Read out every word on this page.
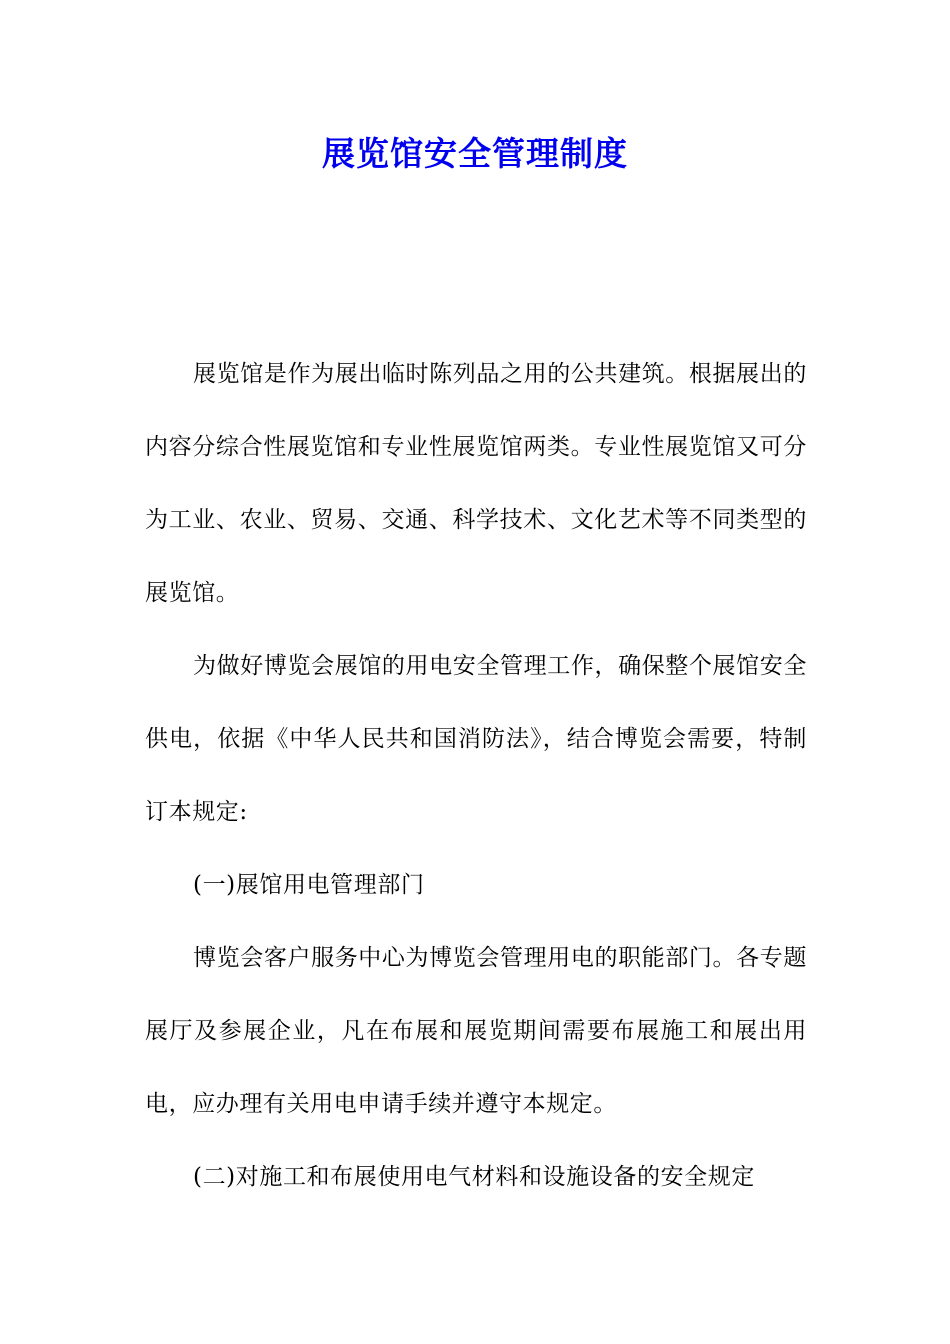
展览馆安全管理制度

展览馆是作为展出临时陈列品之用的公共建筑。根据展出的内容分综合性展览馆和专业性展览馆两类。专业性展览馆又可分为工业、农业、贸易、交通、科学技术、文化艺术等不同类型的展览馆。

为做好博览会展馆的用电安全管理工作，确保整个展馆安全供电，依据《中华人民共和国消防法》，结合博览会需要，特制订本规定:

(一)展馆用电管理部门

博览会客户服务中心为博览会管理用电的职能部门。各专题展厅及参展企业，凡在布展和展览期间需要布展施工和展出用电，应办理有关用电申请手续并遵守本规定。

(二)对施工和布展使用电气材料和设施设备的安全规定
